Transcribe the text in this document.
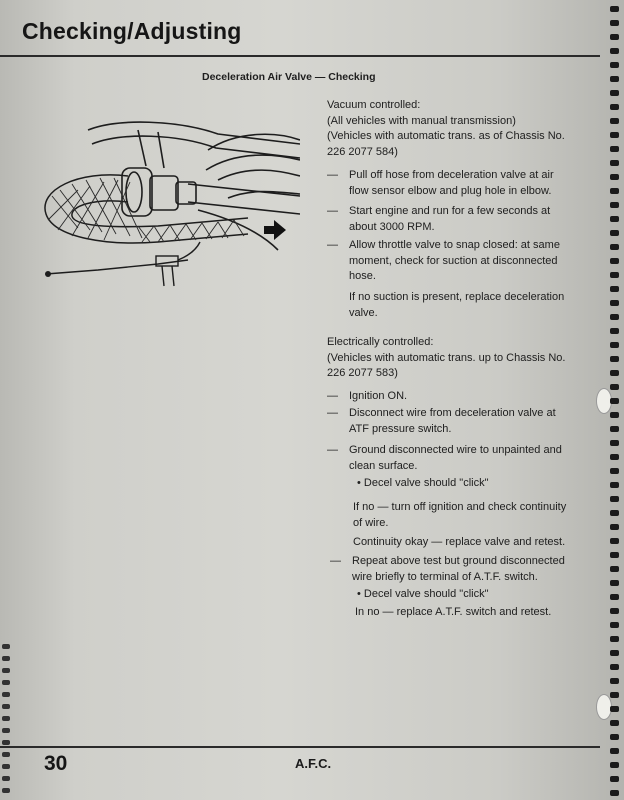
Checking/Adjusting
Deceleration Air Valve — Checking

Vacuum controlled:

(All vehicles with manual transmission)

(Vehicles with automatic trans. as of Chassis No.

226 2077 584)

— Pull off hose from deceleration valve at air
flow sensor elbow and plug hole in elbow.
— Start engine and run for a few seconds at
about 3000 RPM.
— Allow throttle valve to snap closed: at same
moment, check for suction at disconnected
hose.
If no suction is present, replace deceleration
valve.

Electrically controlled:

(Vehicles with automatic trans. up to Chassis No.

226 2077 583)

— Ignition ON.
— Disconnect wire from deceleration valve at
ATF pressure switch.
— Ground disconnected wire to unpainted and
clean surface.
• Decel valve should "click"
If no — turn off ignition and check continuity
of wire.
Continuity okay — replace valve and retest.
— Repeat above test but ground disconnected
wire briefly to terminal of A.T.F. switch.
• Decel valve should "click"
In no — replace A.T.F. switch and retest.
30	A.F.C.
